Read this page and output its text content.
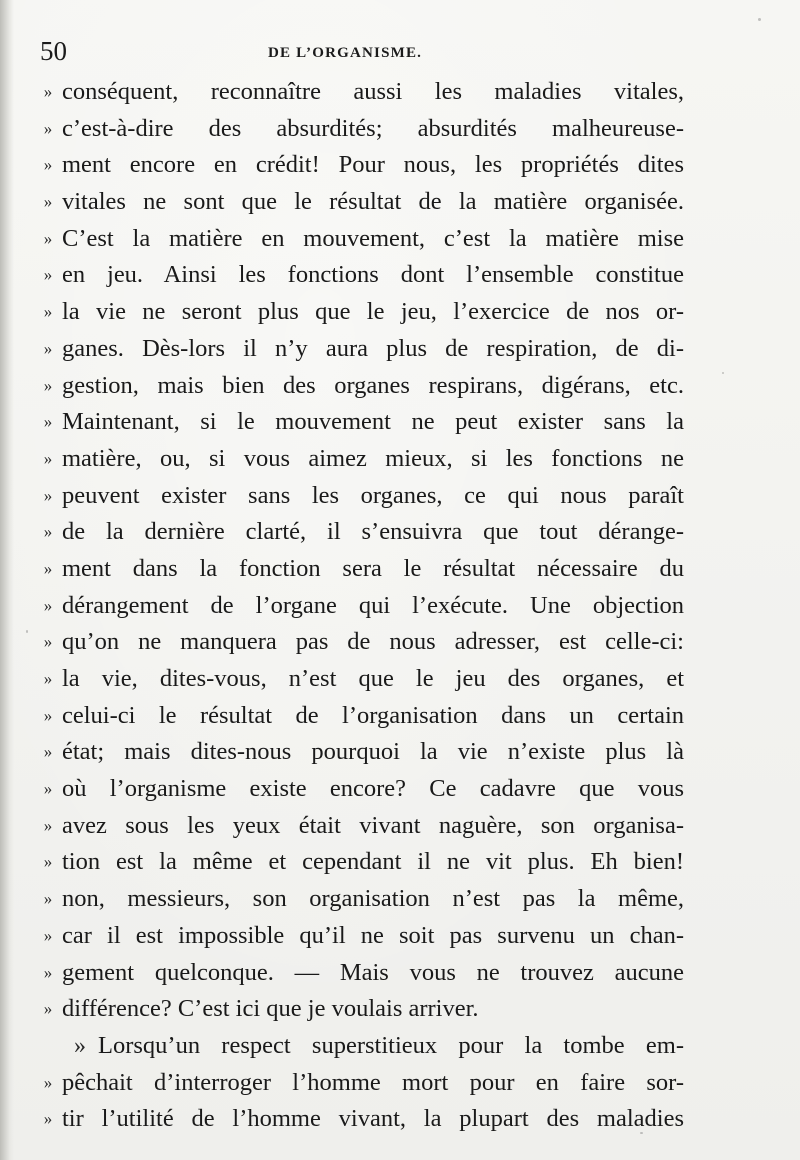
50	DE L’ORGANISME.
» conséquent, reconnaître aussi les maladies vitales,
» c’est-à-dire des absurdités; absurdités malheureuse-
» ment encore en crédit! Pour nous, les propriétés dites
» vitales ne sont que le résultat de la matière organisée.
» C’est la matière en mouvement, c’est la matière mise
» en jeu. Ainsi les fonctions dont l’ensemble constitue
» la vie ne seront plus que le jeu, l’exercice de nos or-
» ganes. Dès-lors il n’y aura plus de respiration, de di-
» gestion, mais bien des organes respirans, digérans, etc.
» Maintenant, si le mouvement ne peut exister sans la
» matière, ou, si vous aimez mieux, si les fonctions ne
» peuvent exister sans les organes, ce qui nous paraît
» de la dernière clarté, il s’ensuivra que tout dérange-
» ment dans la fonction sera le résultat nécessaire du
» dérangement de l’organe qui l’exécute. Une objection
» qu’on ne manquera pas de nous adresser, est celle-ci:
» la vie, dites-vous, n’est que le jeu des organes, et
» celui-ci le résultat de l’organisation dans un certain
» état; mais dites-nous pourquoi la vie n’existe plus là
» où l’organisme existe encore? Ce cadavre que vous
» avez sous les yeux était vivant naguère, son organisa-
» tion est la même et cependant il ne vit plus. Eh bien!
» non, messieurs, son organisation n’est pas la même,
» car il est impossible qu’il ne soit pas survenu un chan-
» gement quelconque. — Mais vous ne trouvez aucune
» différence? C’est ici que je voulais arriver.
» Lorsqu’un respect superstitieux pour la tombe em-
» pêchait d’interroger l’homme mort pour en faire sor-
» tir l’utilité de l’homme vivant, la plupart des maladies
